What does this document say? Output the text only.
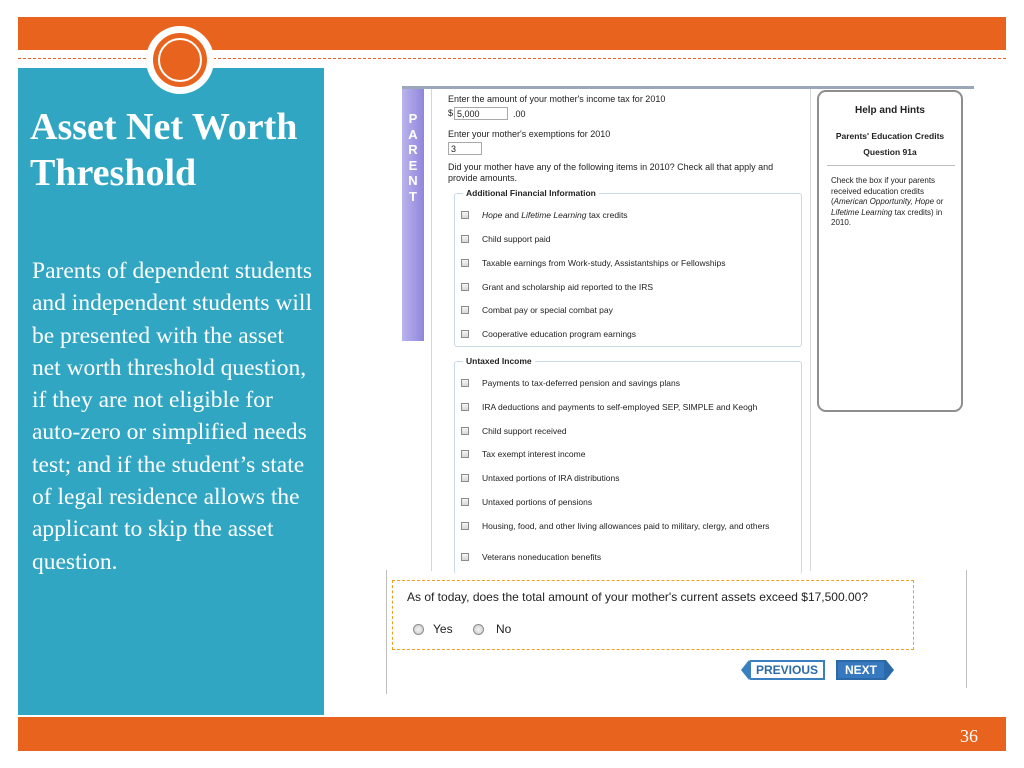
Asset Net Worth Threshold

Parents of dependent students and independent students will be presented with the asset net worth threshold question, if they are not eligible for auto-zero or simplified needs test; and if the student’s state of legal residence allows the applicant to skip the asset question.

P
A
R
E
N
T
Enter the amount of your mother's income tax for 2010
$ 5,000	.00
Enter your mother's exemptions for 2010
3
Did your mother have any of the following items in 2010? Check all that apply and provide amounts.
Additional Financial Information
Hope and Lifetime Learning tax credits
Child support paid
Taxable earnings from Work-study, Assistantships or Fellowships
Grant and scholarship aid reported to the IRS
Combat pay or special combat pay
Cooperative education program earnings
Untaxed Income
Payments to tax-deferred pension and savings plans
IRA deductions and payments to self-employed SEP, SIMPLE and Keogh
Child support received
Tax exempt interest income
Untaxed portions of IRA distributions
Untaxed portions of pensions
Housing, food, and other living allowances paid to military, clergy, and others
Veterans noneducation benefits
Help and Hints
Parents' Education Credits
Question 91a
Check the box if your parents received education credits (American Opportunity, Hope or Lifetime Learning tax credits) in 2010.
As of today, does the total amount of your mother's current assets exceed $17,500.00?
Yes	No
PREVIOUS	NEXT
36
